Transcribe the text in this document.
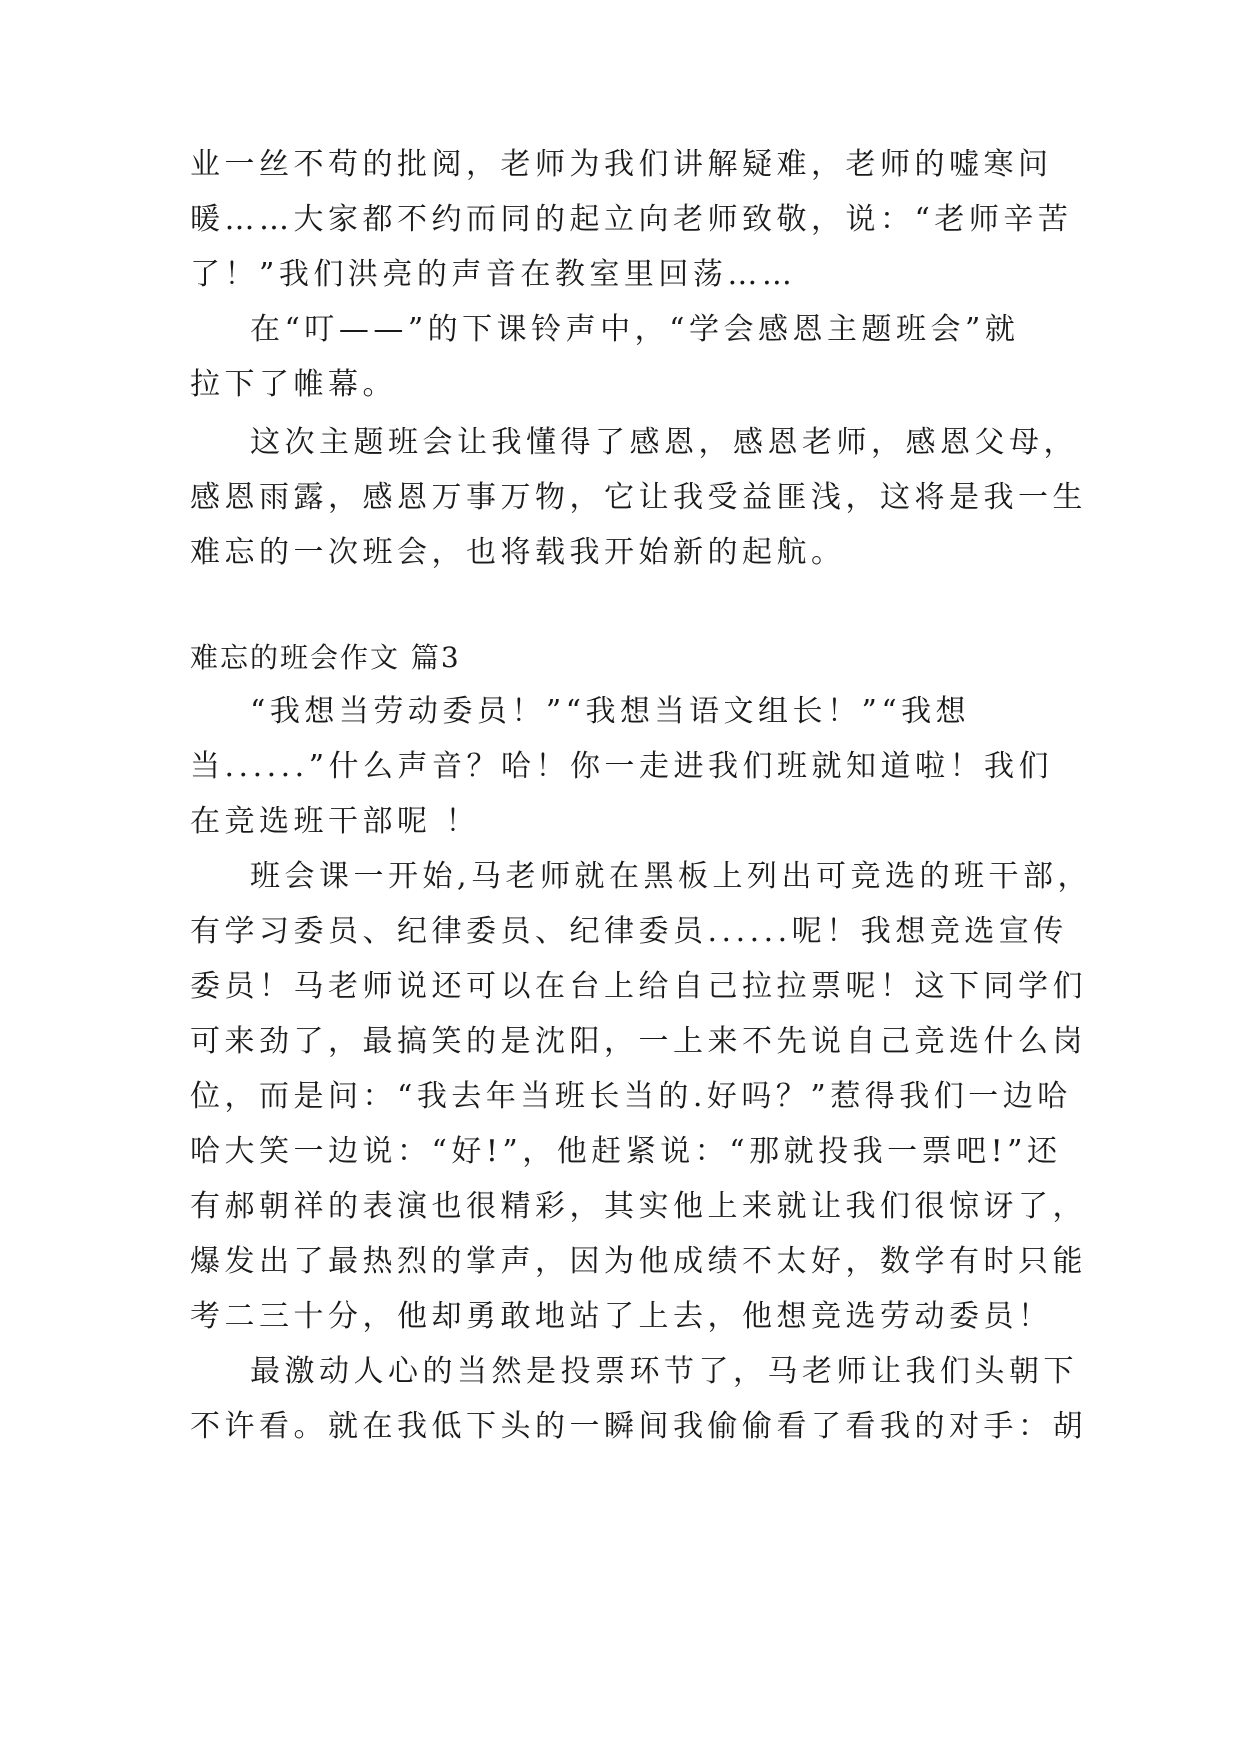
业一丝不苟的批阅，老师为我们讲解疑难，老师的嘘寒问
暖……大家都不约而同的起立向老师致敬，说：“老师辛苦
了！”我们洪亮的声音在教室里回荡……
在“叮——”的下课铃声中，“学会感恩主题班会”就
拉下了帷幕。
这次主题班会让我懂得了感恩，感恩老师，感恩父母，
感恩雨露，感恩万事万物，它让我受益匪浅，这将是我一生
难忘的一次班会，也将载我开始新的起航。
难忘的班会作文 篇3
“我想当劳动委员！”“我想当语文组长！”“我想
当......”什么声音？哈！你一走进我们班就知道啦！我们
在竞选班干部呢 ！
班会课一开始,马老师就在黑板上列出可竞选的班干部，
有学习委员、纪律委员、纪律委员......呢！我想竞选宣传
委员！马老师说还可以在台上给自己拉拉票呢！这下同学们
可来劲了，最搞笑的是沈阳，一上来不先说自己竞选什么岗
位，而是问：“我去年当班长当的.好吗？”惹得我们一边哈
哈大笑一边说：“好!”，他赶紧说：“那就投我一票吧!”还
有郝朝祥的表演也很精彩，其实他上来就让我们很惊讶了，
爆发出了最热烈的掌声，因为他成绩不太好，数学有时只能
考二三十分，他却勇敢地站了上去，他想竞选劳动委员！
最激动人心的当然是投票环节了，马老师让我们头朝下
不许看。就在我低下头的一瞬间我偷偷看了看我的对手：胡
